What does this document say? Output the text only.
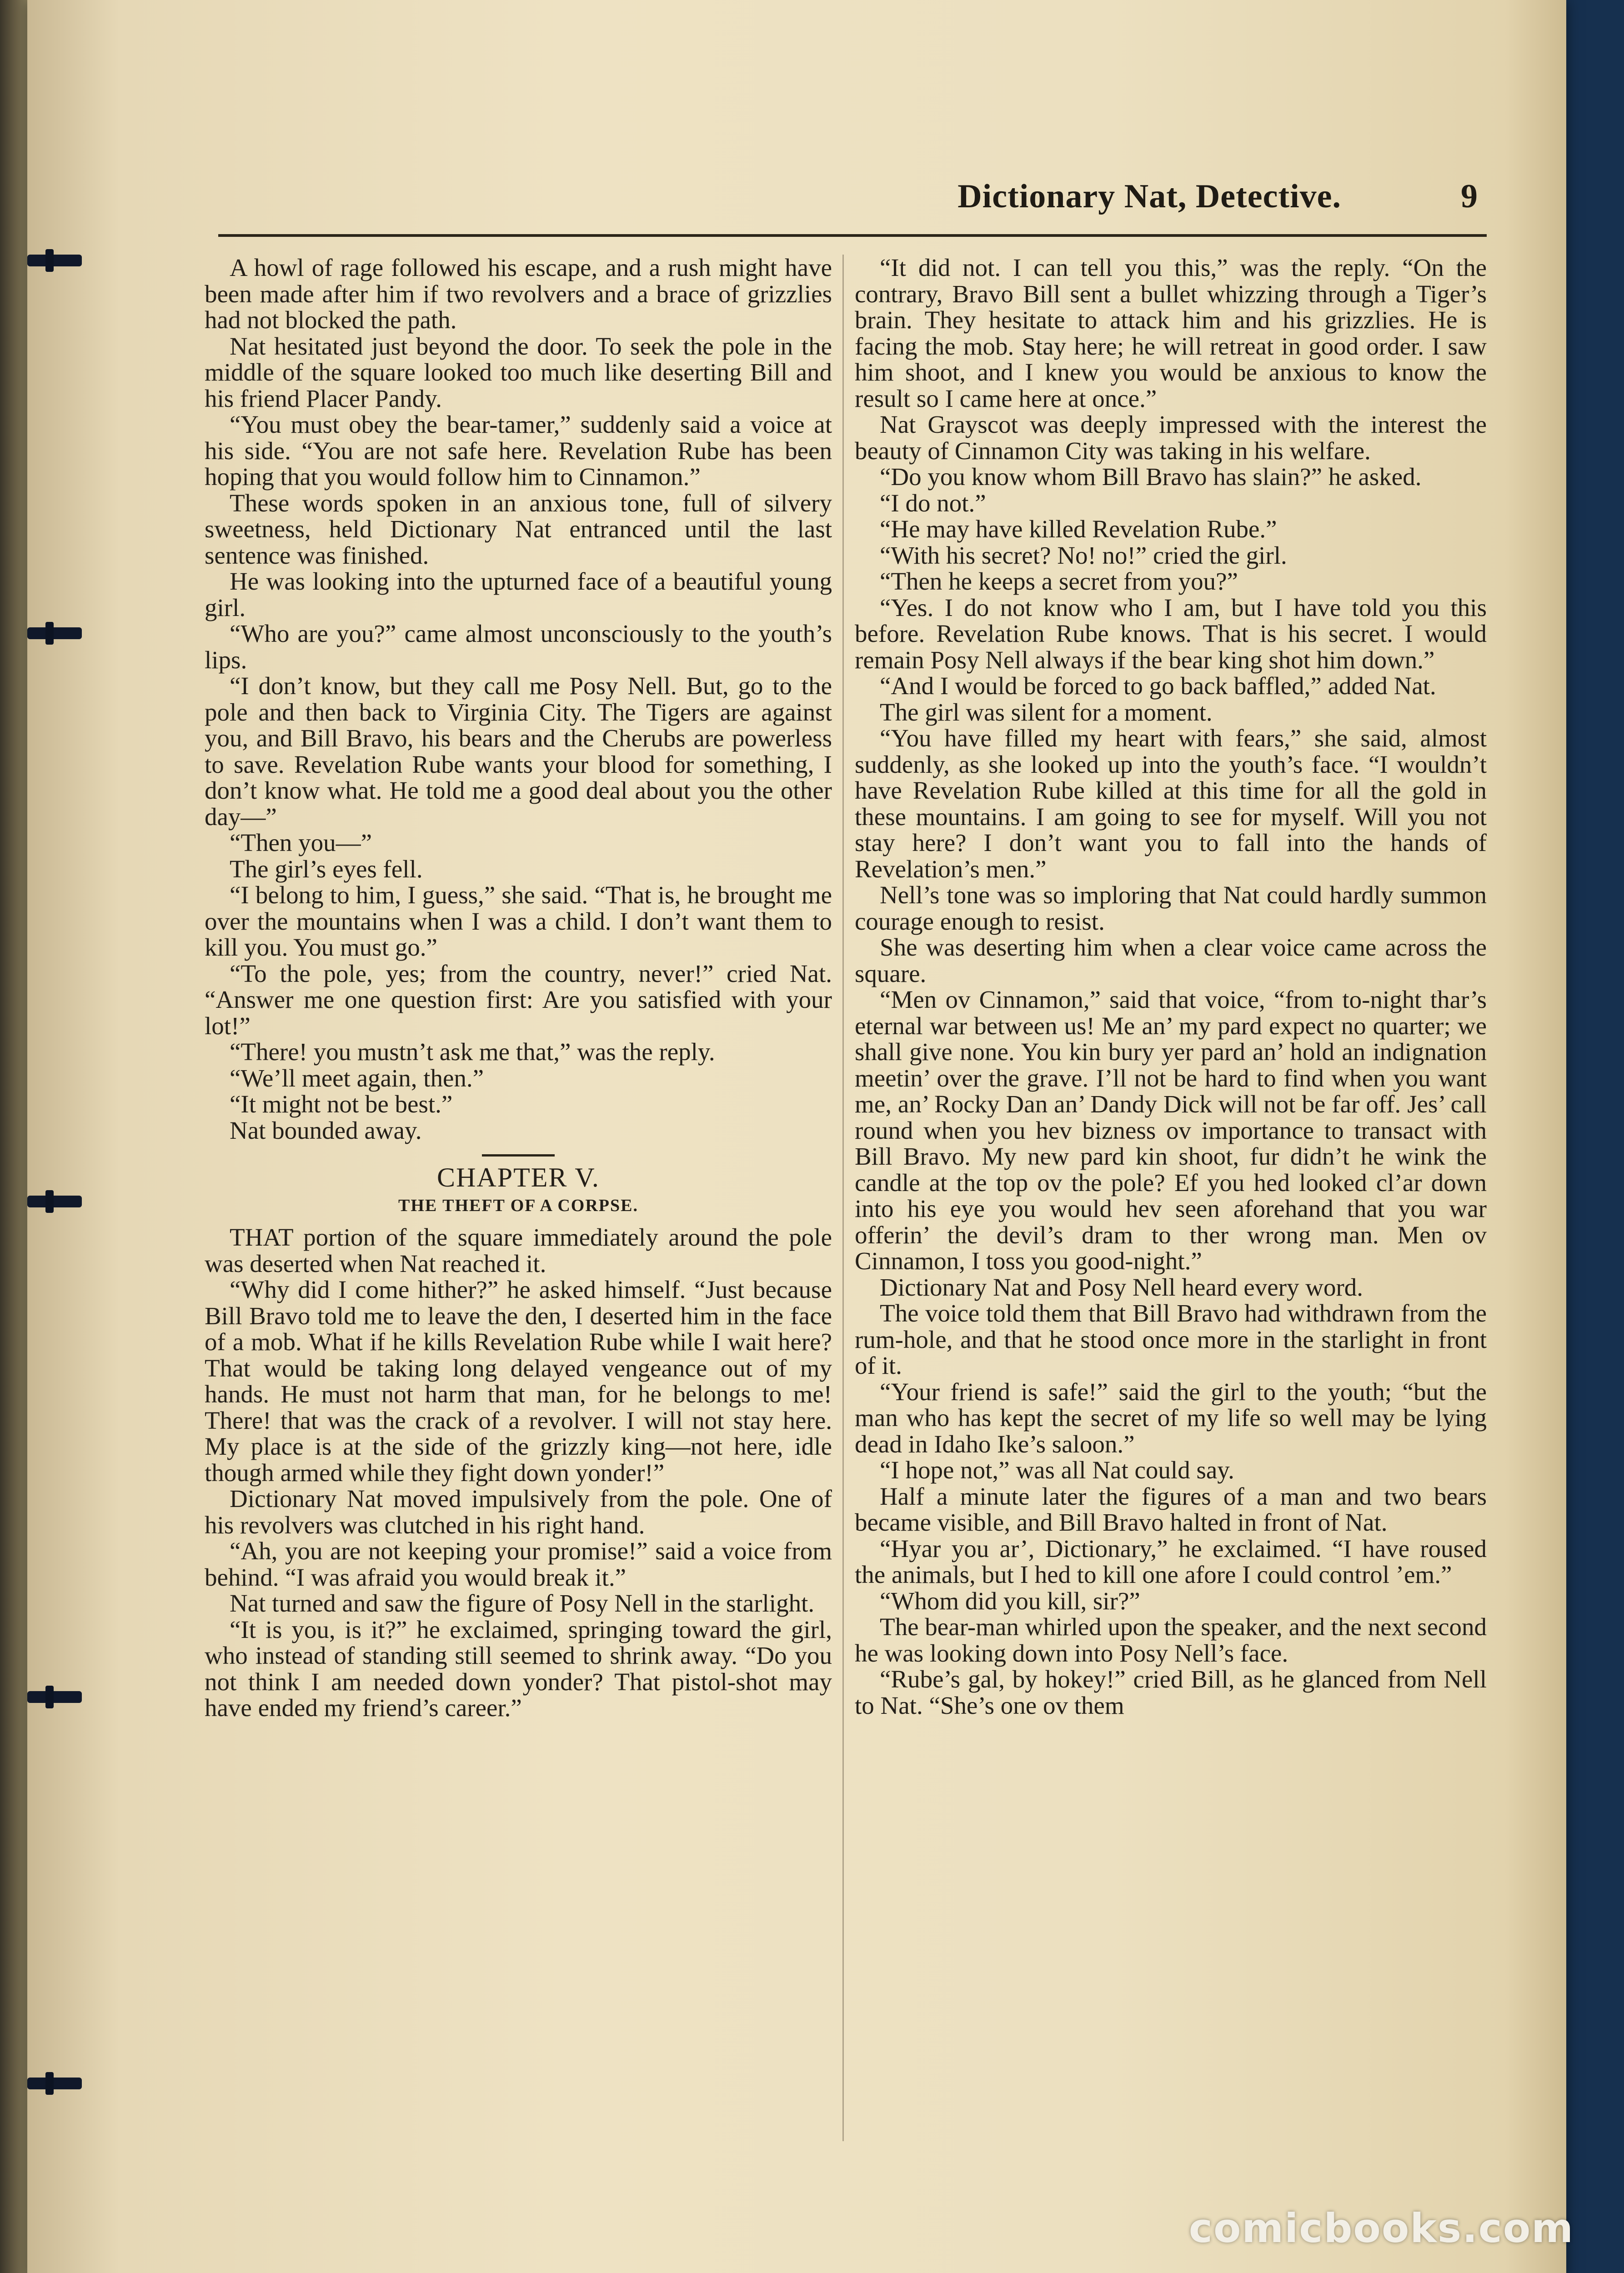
Dictionary Nat, Detective.	9

A howl of rage followed his escape, and a rush might have been made after him if two revolvers and a brace of grizzlies had not blocked the path.

Nat hesitated just beyond the door. To seek the pole in the middle of the square looked too much like deserting Bill and his friend Placer Pandy.

“You must obey the bear-tamer,” suddenly said a voice at his side. “You are not safe here. Revelation Rube has been hoping that you would follow him to Cinnamon.”

These words spoken in an anxious tone, full of silvery sweetness, held Dictionary Nat entranced until the last sentence was finished.

He was looking into the upturned face of a beautiful young girl.

“Who are you?” came almost unconsciously to the youth’s lips.

“I don’t know, but they call me Posy Nell. But, go to the pole and then back to Virginia City. The Tigers are against you, and Bill Bravo, his bears and the Cherubs are powerless to save. Revelation Rube wants your blood for something, I don’t know what. He told me a good deal about you the other day—”

“Then you—”

The girl’s eyes fell.

“I belong to him, I guess,” she said. “That is, he brought me over the mountains when I was a child. I don’t want them to kill you. You must go.”

“To the pole, yes; from the country, never!” cried Nat. “Answer me one question first: Are you satisfied with your lot!”

“There! you mustn’t ask me that,” was the reply.

“We’ll meet again, then.”

“It might not be best.”

Nat bounded away.

CHAPTER V.
THE THEFT OF A CORPSE.

THAT portion of the square immediately around the pole was deserted when Nat reached it.

“Why did I come hither?” he asked himself. “Just because Bill Bravo told me to leave the den, I deserted him in the face of a mob. What if he kills Revelation Rube while I wait here? That would be taking long delayed vengeance out of my hands. He must not harm that man, for he belongs to me! There! that was the crack of a revolver. I will not stay here. My place is at the side of the grizzly king—not here, idle though armed while they fight down yonder!”

Dictionary Nat moved impulsively from the pole. One of his revolvers was clutched in his right hand.

“Ah, you are not keeping your promise!” said a voice from behind. “I was afraid you would break it.”

Nat turned and saw the figure of Posy Nell in the starlight.

“It is you, is it?” he exclaimed, springing toward the girl, who instead of standing still seemed to shrink away. “Do you not think I am needed down yonder? That pistol-shot may have ended my friend’s career.”

“It did not. I can tell you this,” was the reply. “On the contrary, Bravo Bill sent a bullet whizzing through a Tiger’s brain. They hesitate to attack him and his grizzlies. He is facing the mob. Stay here; he will retreat in good order. I saw him shoot, and I knew you would be anxious to know the result so I came here at once.”

Nat Grayscot was deeply impressed with the interest the beauty of Cinnamon City was taking in his welfare.

“Do you know whom Bill Bravo has slain?” he asked.

“I do not.”

“He may have killed Revelation Rube.”

“With his secret? No! no!” cried the girl.

“Then he keeps a secret from you?”

“Yes. I do not know who I am, but I have told you this before. Revelation Rube knows. That is his secret. I would remain Posy Nell always if the bear king shot him down.”

“And I would be forced to go back baffled,” added Nat.

The girl was silent for a moment.

“You have filled my heart with fears,” she said, almost suddenly, as she looked up into the youth’s face. “I wouldn’t have Revelation Rube killed at this time for all the gold in these mountains. I am going to see for myself. Will you not stay here? I don’t want you to fall into the hands of Revelation’s men.”

Nell’s tone was so imploring that Nat could hardly summon courage enough to resist.

She was deserting him when a clear voice came across the square.

“Men ov Cinnamon,” said that voice, “from to-night thar’s eternal war between us! Me an’ my pard expect no quarter; we shall give none. You kin bury yer pard an’ hold an indignation meetin’ over the grave. I’ll not be hard to find when you want me, an’ Rocky Dan an’ Dandy Dick will not be far off. Jes’ call round when you hev bizness ov importance to transact with Bill Bravo. My new pard kin shoot, fur didn’t he wink the candle at the top ov the pole? Ef you hed looked cl’ar down into his eye you would hev seen aforehand that you war offerin’ the devil’s dram to ther wrong man. Men ov Cinnamon, I toss you good-night.”

Dictionary Nat and Posy Nell heard every word.

The voice told them that Bill Bravo had withdrawn from the rum-hole, and that he stood once more in the starlight in front of it.

“Your friend is safe!” said the girl to the youth; “but the man who has kept the secret of my life so well may be lying dead in Idaho Ike’s saloon.”

“I hope not,” was all Nat could say.

Half a minute later the figures of a man and two bears became visible, and Bill Bravo halted in front of Nat.

“Hyar you ar’, Dictionary,” he exclaimed. “I have roused the animals, but I hed to kill one afore I could control ’em.”

“Whom did you kill, sir?”

The bear-man whirled upon the speaker, and the next second he was looking down into Posy Nell’s face.

“Rube’s gal, by hokey!” cried Bill, as he glanced from Nell to Nat. “She’s one ov them

comicbooks.com
